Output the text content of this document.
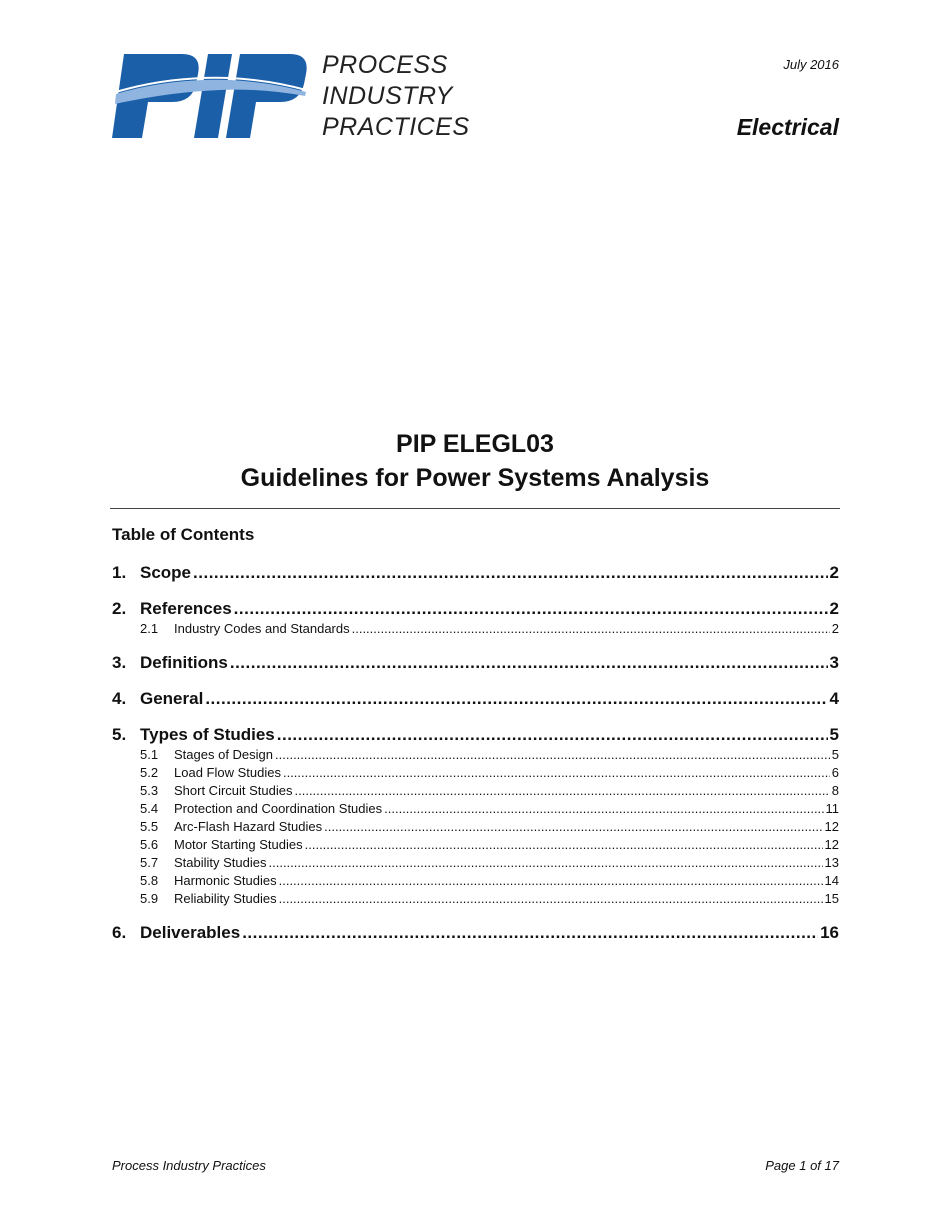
PROCESS
INDUSTRY
PRACTICES
July 2016
Electrical
PIP ELEGL03
Guidelines for Power Systems Analysis
Table of Contents
1. Scope .....	2
2. References .....	2
2.1	Industry Codes and Standards .....	2
3. Definitions .....	3
4. General .....	4
5. Types of Studies .....	5
5.1	Stages of Design .....	5
5.2	Load Flow Studies .....	6
5.3	Short Circuit Studies .....	8
5.4	Protection and Coordination Studies .....	11
5.5	Arc-Flash Hazard Studies .....	12
5.6	Motor Starting Studies .....	12
5.7	Stability Studies .....	13
5.8	Harmonic Studies .....	14
5.9	Reliability Studies .....	15
6. Deliverables .....	16
Process Industry Practices	Page 1 of 17
